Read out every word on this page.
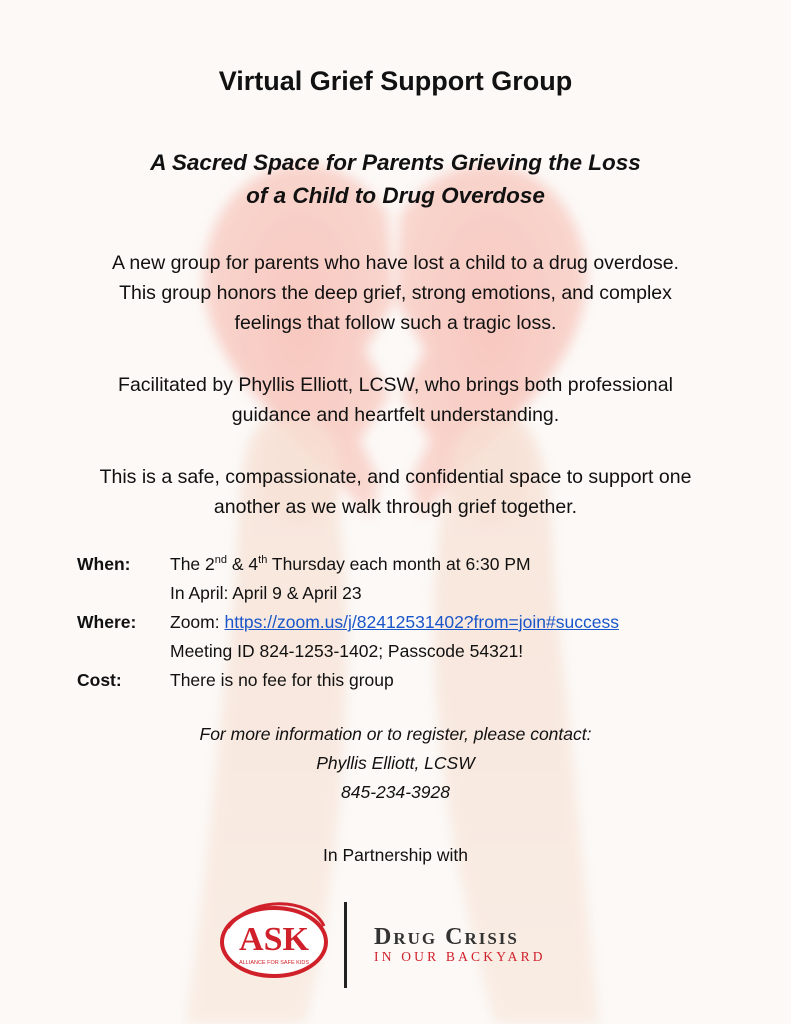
Virtual Grief Support Group
A Sacred Space for Parents Grieving the Loss
of a Child to Drug Overdose
A new group for parents who have lost a child to a drug overdose.
This group honors the deep grief, strong emotions, and complex
feelings that follow such a tragic loss.
Facilitated by Phyllis Elliott, LCSW, who brings both professional
guidance and heartfelt understanding.
This is a safe, compassionate, and confidential space to support one
another as we walk through grief together.
When:	The 2nd & 4th Thursday each month at 6:30 PM
In April: April 9 & April 23
Where:	Zoom: https://zoom.us/j/82412531402?from=join#success
Meeting ID 824-1253-1402; Passcode 54321!
Cost:	There is no fee for this group
For more information or to register, please contact:
Phyllis Elliott, LCSW
845-234-3928
In Partnership with
ASK
ALLIANCE FOR SAFE KIDS
Drug Crisis
IN OUR BACKYARD
